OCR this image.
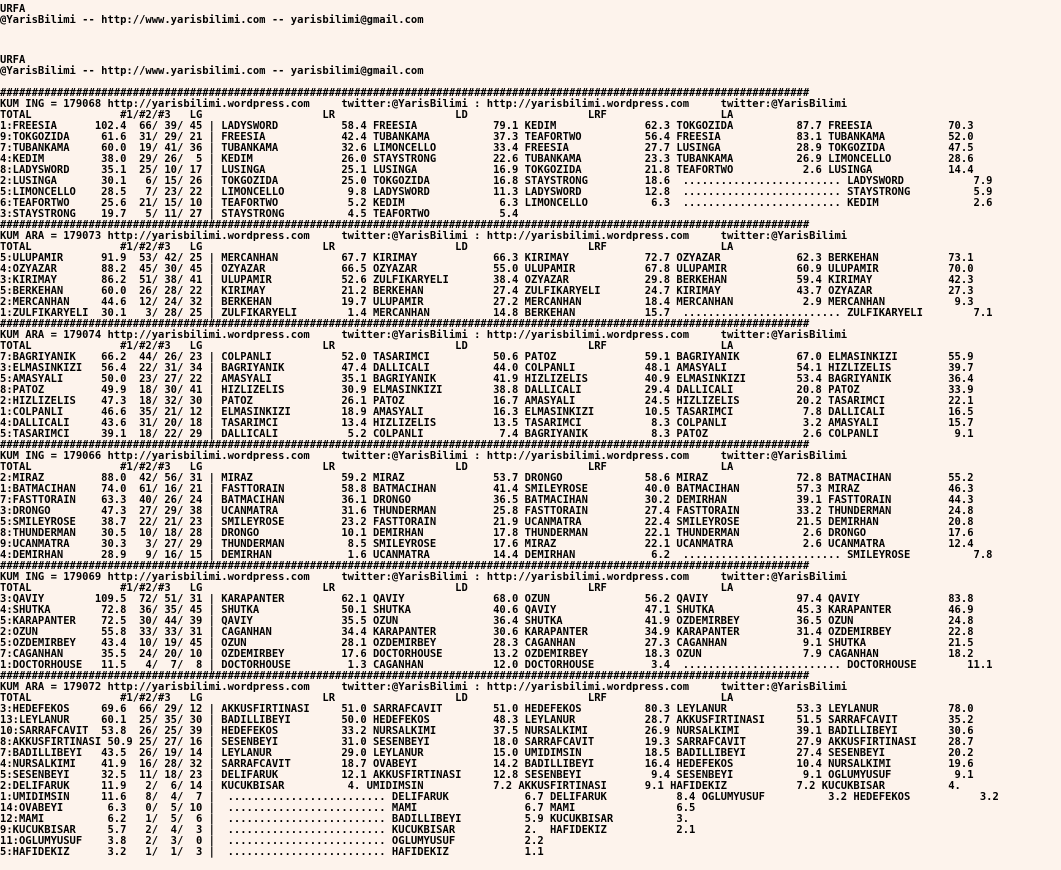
URFA
@YarisBilimi -- http://www.yarisbilimi.com -- yarisbilimi@gmail.com
URFA
@YarisBilimi -- http://www.yarisbilimi.com -- yarisbilimi@gmail.com
################################################################################################################################
KUM ING = 179068 http://yarisbilimi.wordpress.com     twitter:@YarisBilimi : http://yarisbilimi.wordpress.com     twitter:@YarisBilimi
TOTAL              #1/#2/#3   LG                   LR                   LD                   LRF                  LA
1:FREESIA      102.4  66/ 39/ 45 | LADYSWORD          58.4 FREESIA            79.1 KEDIM              62.3 TOKGOZIDA          87.7 FREESIA            70.3
9:TOKGOZIDA     61.6  31/ 29/ 21 | FREESIA            42.4 TUBANKAMA          37.3 TEAFORTWO          56.4 FREESIA            83.1 TUBANKAMA          52.0
7:TUBANKAMA     60.0  19/ 41/ 36 | TUBANKAMA          32.6 LIMONCELLO         33.4 FREESIA            27.7 LUSINGA            28.9 TOKGOZIDA          47.5
4:KEDIM         38.0  29/ 26/  5 | KEDIM              26.0 STAYSTRONG         22.6 TUBANKAMA          23.3 TUBANKAMA          26.9 LIMONCELLO         28.6
8:LADYSWORD     35.1  25/ 10/ 17 | LUSINGA            25.1 LUSINGA            16.9 TOKGOZIDA          21.8 TEAFORTWO           2.6 LUSINGA            14.4
2:LUSINGA       30.1   6/ 15/ 26 | TOKGOZIDA          25.0 TOKGOZIDA          16.8 STAYSTRONG         18.6  ......................... LADYSWORD           7.9
5:LIMONCELLO    28.5   7/ 23/ 22 | LIMONCELLO          9.8 LADYSWORD          11.3 LADYSWORD          12.8  ......................... STAYSTRONG          5.9
6:TEAFORTWO     25.6  21/ 15/ 10 | TEAFORTWO           5.2 KEDIM               6.3 LIMONCELLO          6.3  ......................... KEDIM               2.6
3:STAYSTRONG    19.7   5/ 11/ 27 | STAYSTRONG          4.5 TEAFORTWO           5.4
################################################################################################################################
KUM ARA = 179073 http://yarisbilimi.wordpress.com     twitter:@YarisBilimi : http://yarisbilimi.wordpress.com     twitter:@YarisBilimi
TOTAL              #1/#2/#3   LG                   LR                   LD                   LRF                  LA
5:ULUPAMIR      91.9  53/ 42/ 25 | MERCANHAN          67.7 KIRIMAY            66.3 KIRIMAY            72.7 OZYAZAR            62.3 BERKEHAN           73.1
4:OZYAZAR       88.2  45/ 30/ 45 | OZYAZAR            66.5 OZYAZAR            55.0 ULUPAMIR           67.8 ULUPAMIR           60.9 ULUPAMIR           70.0
3:KIRIMAY       86.2  51/ 38/ 41 | ULUPAMIR           52.6 ZULFIKARYELI       38.4 OZYAZAR            29.8 BERKEHAN           59.4 KIRIMAY            42.3
5:BERKEHAN      60.0  26/ 28/ 22 | KIRIMAY            21.2 BERKEHAN           27.4 ZULFIKARYELI       24.7 KIRIMAY            43.7 OZYAZAR            27.3
2:MERCANHAN     44.6  12/ 24/ 32 | BERKEHAN           19.7 ULUPAMIR           27.2 MERCANHAN          18.4 MERCANHAN           2.9 MERCANHAN           9.3
1:ZULFIKARYELI  30.1   3/ 28/ 25 | ZULFIKARYELI        1.4 MERCANHAN          14.8 BERKEHAN           15.7  ......................... ZULFIKARYELI        7.1
################################################################################################################################
KUM ARA = 179074 http://yarisbilimi.wordpress.com     twitter:@YarisBilimi : http://yarisbilimi.wordpress.com     twitter:@YarisBilimi
TOTAL              #1/#2/#3   LG                   LR                   LD                   LRF                  LA
7:BAGRIYANIK    66.2  44/ 26/ 23 | COLPANLI           52.0 TASARIMCI          50.6 PATOZ              59.1 BAGRIYANIK         67.0 ELMASINKIZI        55.9
3:ELMASINKIZI   56.4  22/ 31/ 34 | BAGRIYANIK         47.4 DALLICALI          44.0 COLPANLI           48.1 AMASYALI           54.1 HIZLIZELIS         39.7
5:AMASYALI      50.0  23/ 27/ 22 | AMASYALI           35.1 BAGRIYANIK         41.9 HIZLIZELIS         40.9 ELMASINKIZI        53.4 BAGRIYANIK         36.4
8:PATOZ         49.9  18/ 30/ 41 | HIZLIZELIS         30.9 ELMASINKIZI        38.8 DALLICALI          29.4 DALLICALI          20.8 PATOZ              33.9
2:HIZLIZELIS    47.3  18/ 32/ 30 | PATOZ              26.1 PATOZ              16.7 AMASYALI           24.5 HIZLIZELIS         20.2 TASARIMCI          22.1
1:COLPANLI      46.6  35/ 21/ 12 | ELMASINKIZI        18.9 AMASYALI           16.3 ELMASINKIZI        10.5 TASARIMCI           7.8 DALLICALI          16.5
4:DALLICALI     43.6  31/ 20/ 18 | TASARIMCI          13.4 HIZLIZELIS         13.5 TASARIMCI           8.3 COLPANLI            3.2 AMASYALI           15.7
5:TASARIMCI     39.1  18/ 22/ 29 | DALLICALI           5.2 COLPANLI            7.4 BAGRIYANIK          8.3 PATOZ               2.6 COLPANLI            9.1
################################################################################################################################
KUM ING = 179066 http://yarisbilimi.wordpress.com     twitter:@YarisBilimi : http://yarisbilimi.wordpress.com     twitter:@YarisBilimi
TOTAL              #1/#2/#3   LG                   LR                   LD                   LRF                  LA
2:MIRAZ         88.0  42/ 56/ 31 | MIRAZ              59.2 MIRAZ              53.7 DRONGO             58.6 MIRAZ              72.8 BATMACIHAN         55.2
1:BATMACIHAN    74.0  61/ 16/ 21 | FASTTORAIN         58.8 BATMACIHAN         41.4 SMILEYROSE         40.0 BATMACIHAN         57.3 MIRAZ              46.3
7:FASTTORAIN    63.3  40/ 26/ 24 | BATMACIHAN         36.1 DRONGO             36.5 BATMACIHAN         30.2 DEMIRHAN           39.1 FASTTORAIN         44.3
3:DRONGO        47.3  27/ 29/ 38 | UCANMATRA          31.6 THUNDERMAN         25.8 FASTTORAIN         27.4 FASTTORAIN         33.2 THUNDERMAN         24.8
5:SMILEYROSE    38.7  22/ 21/ 23 | SMILEYROSE         23.2 FASTTORAIN         21.9 UCANMATRA          22.4 SMILEYROSE         21.5 DEMIRHAN           20.8
8:THUNDERMAN    30.5  10/ 18/ 28 | DRONGO             10.1 DEMIRHAN           17.8 THUNDERMAN         22.1 THUNDERMAN          2.6 DRONGO             17.6
9:UCANMATRA     30.3   3/ 27/ 29 | THUNDERMAN          8.5 SMILEYROSE         17.6 MIRAZ              22.1 UCANMATRA           2.6 UCANMATRA          12.4
4:DEMIRHAN      28.9   9/ 16/ 15 | DEMIRHAN            1.6 UCANMATRA          14.4 DEMIRHAN            6.2  ......................... SMILEYROSE          7.8
################################################################################################################################
KUM ING = 179069 http://yarisbilimi.wordpress.com     twitter:@YarisBilimi : http://yarisbilimi.wordpress.com     twitter:@YarisBilimi
TOTAL              #1/#2/#3   LG                   LR                   LD                   LRF                  LA
3:QAVIY        109.5  72/ 51/ 31 | KARAPANTER         62.1 QAVIY              68.0 OZUN               56.2 QAVIY              97.4 QAVIY              83.8
4:SHUTKA        72.8  36/ 35/ 45 | SHUTKA             50.1 SHUTKA             40.6 QAVIY              47.1 SHUTKA             45.3 KARAPANTER         46.9
5:KARAPANTER    72.5  30/ 44/ 39 | QAVIY              35.5 OZUN               36.4 SHUTKA             41.9 OZDEMIRBEY         36.5 OZUN               24.8
2:OZUN          55.8  33/ 33/ 31 | CAGANHAN           34.4 KARAPANTER         30.6 KARAPANTER         34.9 KARAPANTER         31.4 OZDEMIRBEY         22.8
5:OZDEMIRBEY    43.4  10/ 19/ 45 | OZUN               28.1 OZDEMIRBEY         28.3 CAGANHAN           27.3 CAGANHAN            9.1 SHUTKA             21.5
7:CAGANHAN      35.5  24/ 20/ 10 | OZDEMIRBEY         17.6 DOCTORHOUSE        13.2 OZDEMIRBEY         18.3 OZUN                7.9 CAGANHAN           18.2
1:DOCTORHOUSE   11.5   4/  7/  8 | DOCTORHOUSE         1.3 CAGANHAN           12.0 DOCTORHOUSE         3.4  ......................... DOCTORHOUSE        11.1
################################################################################################################################
KUM ARA = 179072 http://yarisbilimi.wordpress.com     twitter:@YarisBilimi : http://yarisbilimi.wordpress.com     twitter:@YarisBilimi
TOTAL              #1/#2/#3   LG                   LR                   LD                   LRF                  LA
3:HEDEFEKOS     69.6  66/ 29/ 12 | AKKUSFIRTINASI     51.0 SARRAFCAVIT        51.0 HEDEFEKOS          80.3 LEYLANUR           53.3 LEYLANUR           78.0
13:LEYLANUR     60.1  25/ 35/ 30 | BADILLIBEYI        50.0 HEDEFEKOS          48.3 LEYLANUR           28.7 AKKUSFIRTINASI     51.5 SARRAFCAVIT        35.2
10:SARRAFCAVIT  53.8  26/ 25/ 39 | HEDEFEKOS          33.2 NURSALKIMI         37.5 NURSALKIMI         26.9 NURSALKIMI         39.1 BADILLIBEYI        30.6
8:AKKUSFIRTINASI 50.9 25/ 27/ 16 | SESENBEYI          31.0 SESENBEYI          18.0 SARRAFCAVIT        19.3 SARRAFCAVIT        27.9 AKKUSFIRTINASI     28.7
7:BADILLIBEYI   43.5  26/ 19/ 14 | LEYLANUR           29.0 LEYLANUR           15.0 UMIDIMSIN          18.5 BADILLIBEYI        27.4 SESENBEYI          20.2
4:NURSALKIMI    41.9  16/ 28/ 32 | SARRAFCAVIT        18.7 OVABEYI            14.2 BADILLIBEYI        16.4 HEDEFEKOS          10.4 NURSALKIMI         19.6
5:SESENBEYI     32.5  11/ 18/ 23 | DELIFARUK          12.1 AKKUSFIRTINASI     12.8 SESENBEYI           9.4 SESENBEYI           9.1 OGLUMYUSUF          9.1
2:DELIFARUK     11.9   2/  6/ 14 | KUCUKBISAR          4. UMIDIMSIN           7.2 AKKUSFIRTINASI      9.1 HAFIDEKIZ           7.2 KUCUKBISAR          4.
1:UMIDIMSIN     11.6   8/  4/  7 |  ......................... DELIFARUK            6.7 DELIFARUK           8.4 OGLUMYUSUF          3.2 HEDEFEKOS           3.2
14:OVABEYI       6.3   0/  5/ 10 |  ......................... MAMI                 6.7 MAMI                6.5
12:MAMI          6.2   1/  5/  6 |  ......................... BADILLIBEYI          5.9 KUCUKBISAR          3.
9:KUCUKBISAR     5.7   2/  4/  3 |  ......................... KUCUKBISAR           2.  HAFIDEKIZ           2.1
11:OGLUMYUSUF    3.8   2/  3/  0 |  ......................... OGLUMYUSUF           2.2
5:HAFIDEKIZ      3.2   1/  1/  3 |  ......................... HAFIDEKIZ            1.1
